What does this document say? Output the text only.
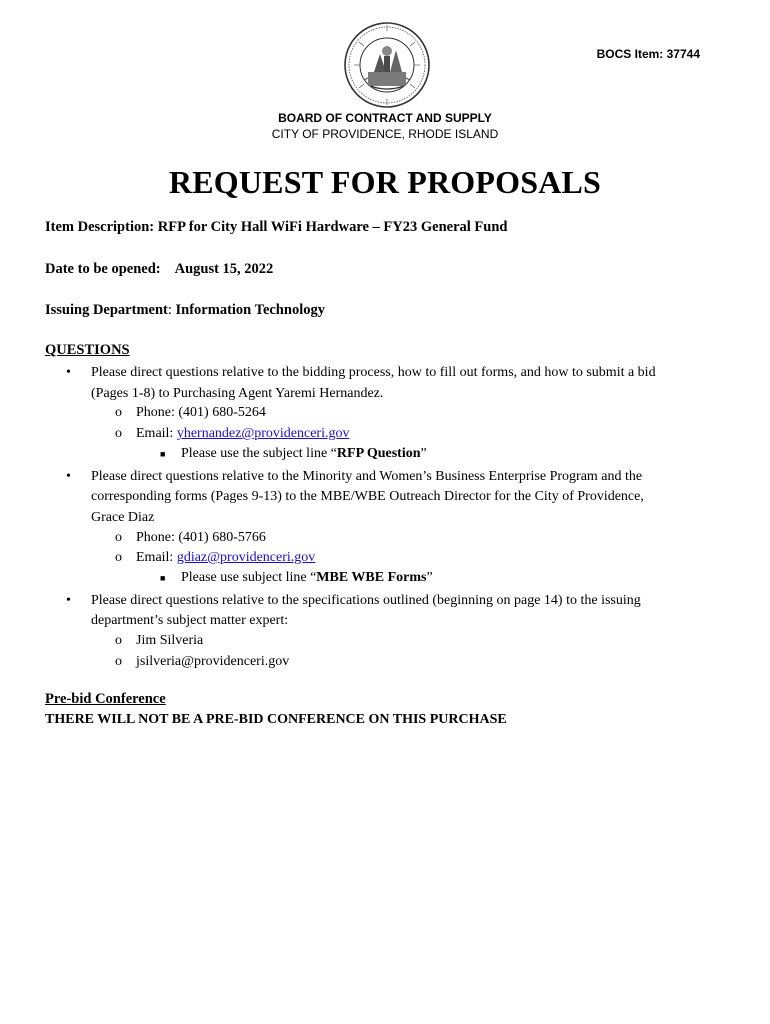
BOCS Item: 37744
BOARD OF CONTRACT AND SUPPLY
CITY OF PROVIDENCE, RHODE ISLAND
REQUEST FOR PROPOSALS
Item Description: RFP for City Hall WiFi Hardware – FY23 General Fund
Date to be opened: August 15, 2022
Issuing Department: Information Technology
QUESTIONS
• Please direct questions relative to the bidding process, how to fill out forms, and how to submit a bid
(Pages 1-8) to Purchasing Agent Yaremi Hernandez.
o Phone: (401) 680-5264
o Email: yhernandez@providenceri.gov
■ Please use the subject line “RFP Question”
• Please direct questions relative to the Minority and Women’s Business Enterprise Program and the
corresponding forms (Pages 9-13) to the MBE/WBE Outreach Director for the City of Providence,
Grace Diaz
o Phone: (401) 680-5766
o Email: gdiaz@providenceri.gov
■ Please use subject line “MBE WBE Forms”
• Please direct questions relative to the specifications outlined (beginning on page 14) to the issuing
department’s subject matter expert:
o Jim Silveria
o jsilveria@providenceri.gov
Pre-bid Conference
THERE WILL NOT BE A PRE-BID CONFERENCE ON THIS PURCHASE
